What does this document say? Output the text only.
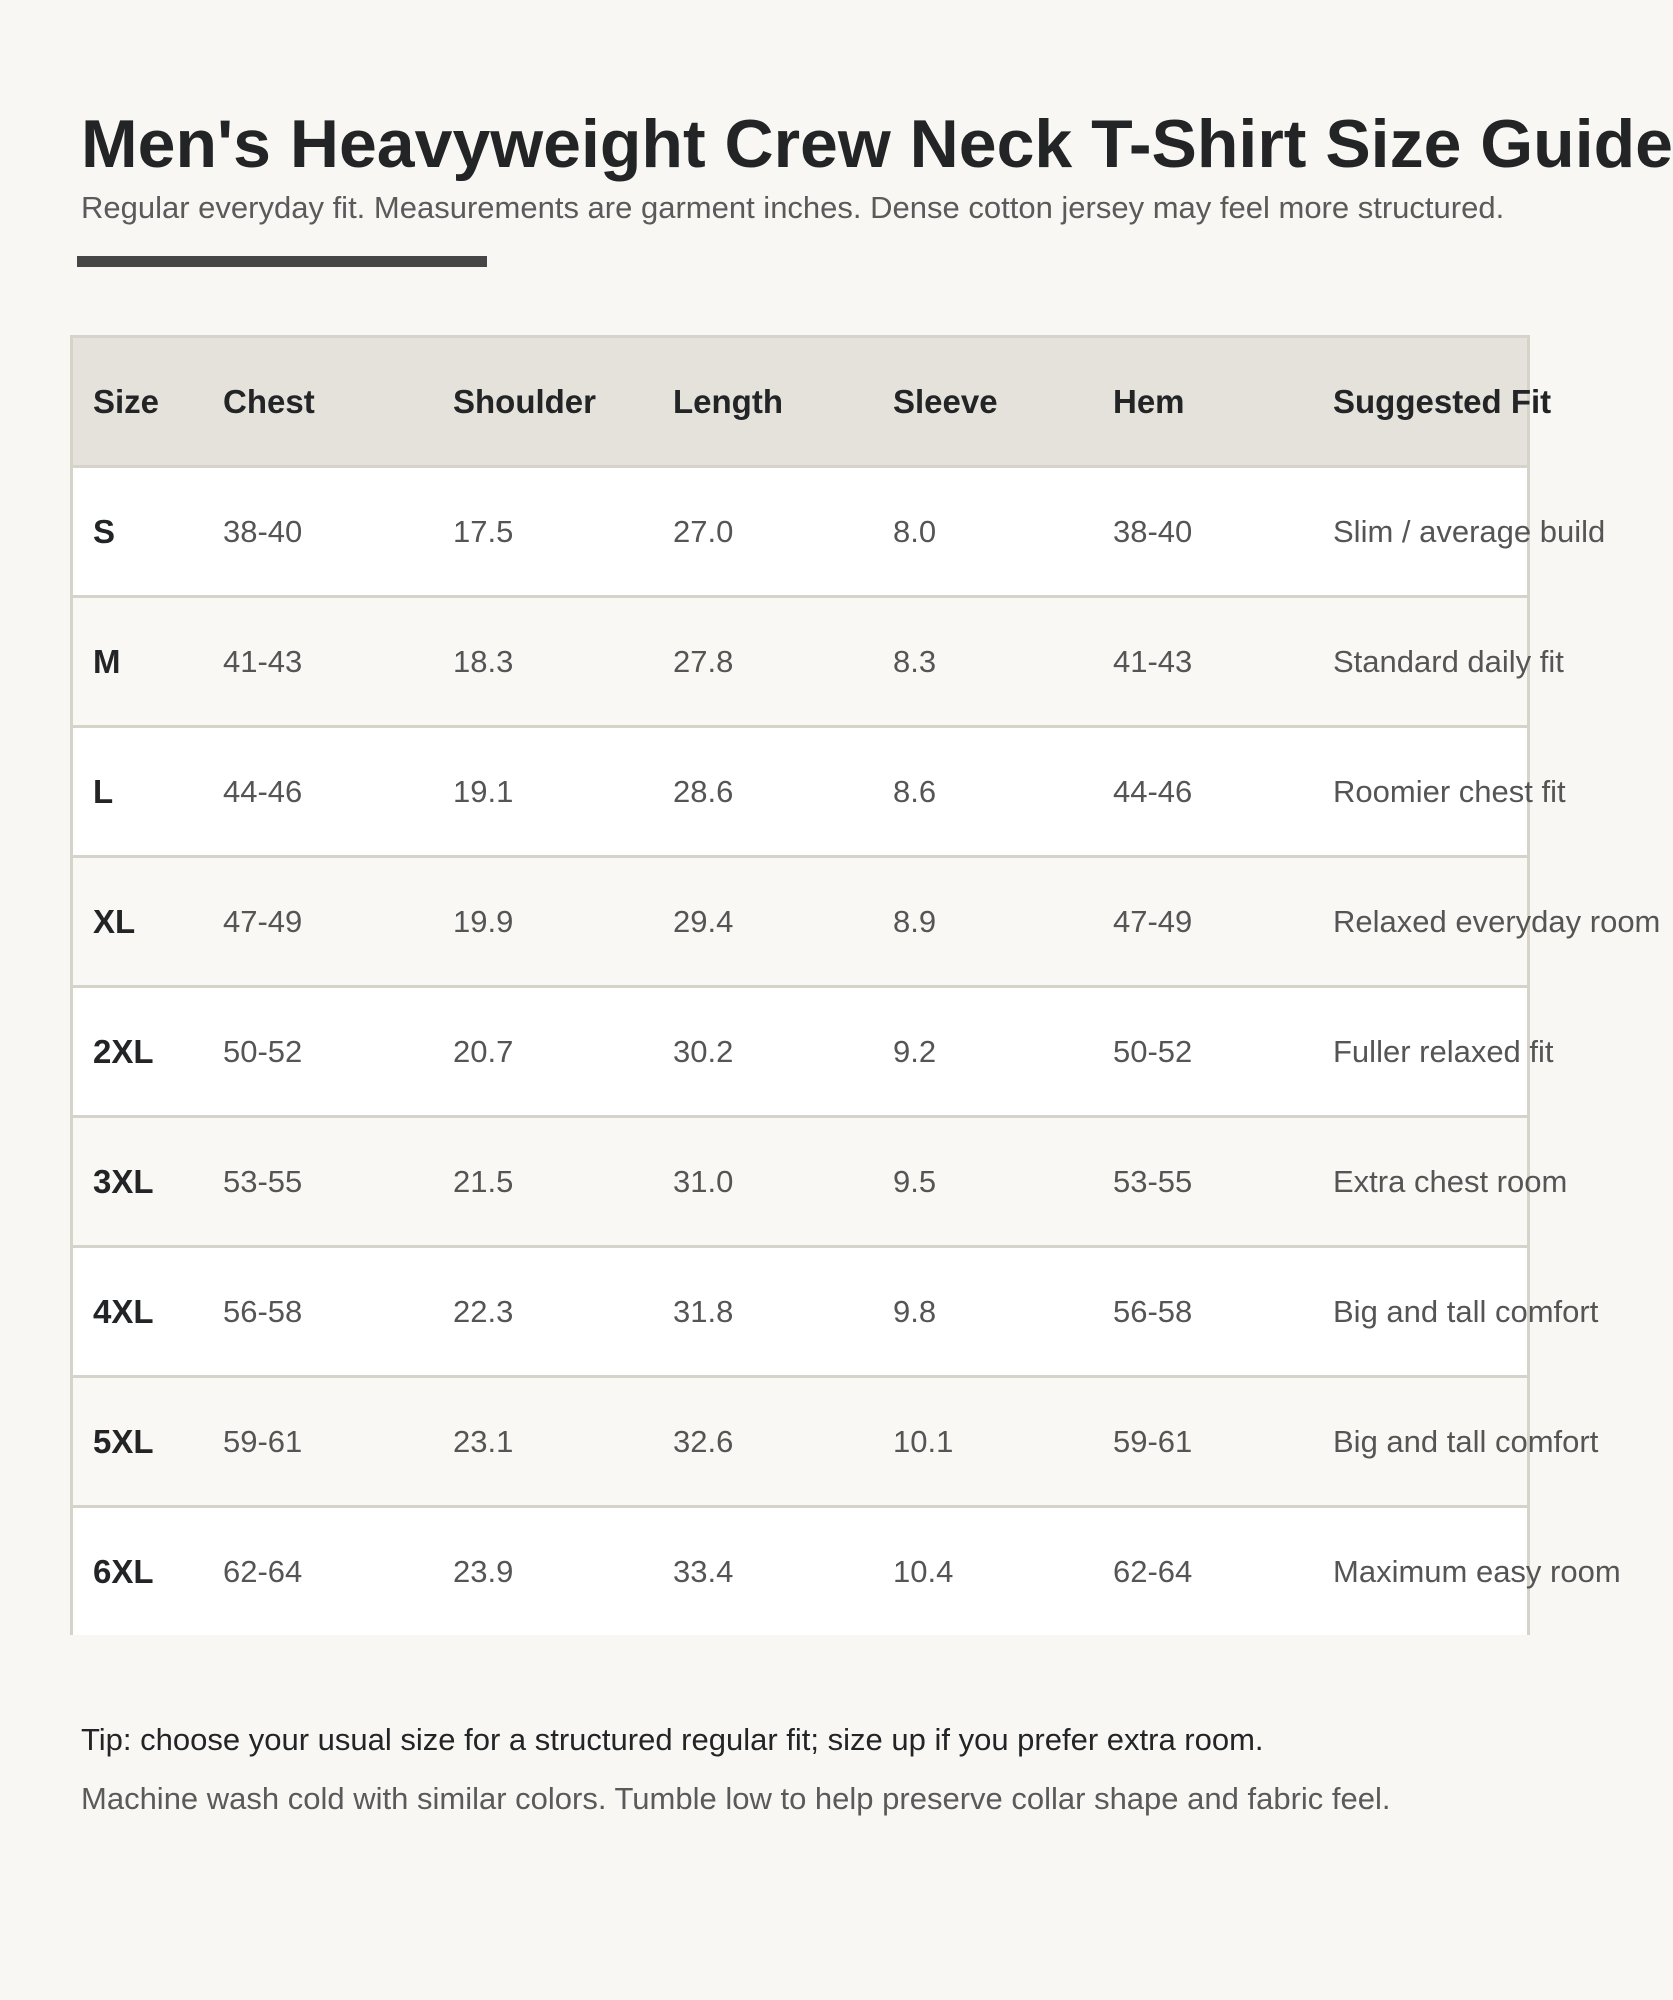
Men's Heavyweight Crew Neck T-Shirt Size Guide

Regular everyday fit. Measurements are garment inches. Dense cotton jersey may feel more structured.

Size	Chest	Shoulder	Length	Sleeve	Hem	Suggested Fit
S	38-40	17.5	27.0	8.0	38-40	Slim / average build
M	41-43	18.3	27.8	8.3	41-43	Standard daily fit
L	44-46	19.1	28.6	8.6	44-46	Roomier chest fit
XL	47-49	19.9	29.4	8.9	47-49	Relaxed everyday room
2XL	50-52	20.7	30.2	9.2	50-52	Fuller relaxed fit
3XL	53-55	21.5	31.0	9.5	53-55	Extra chest room
4XL	56-58	22.3	31.8	9.8	56-58	Big and tall comfort
5XL	59-61	23.1	32.6	10.1	59-61	Big and tall comfort
6XL	62-64	23.9	33.4	10.4	62-64	Maximum easy room

Tip: choose your usual size for a structured regular fit; size up if you prefer extra room.

Machine wash cold with similar colors. Tumble low to help preserve collar shape and fabric feel.
